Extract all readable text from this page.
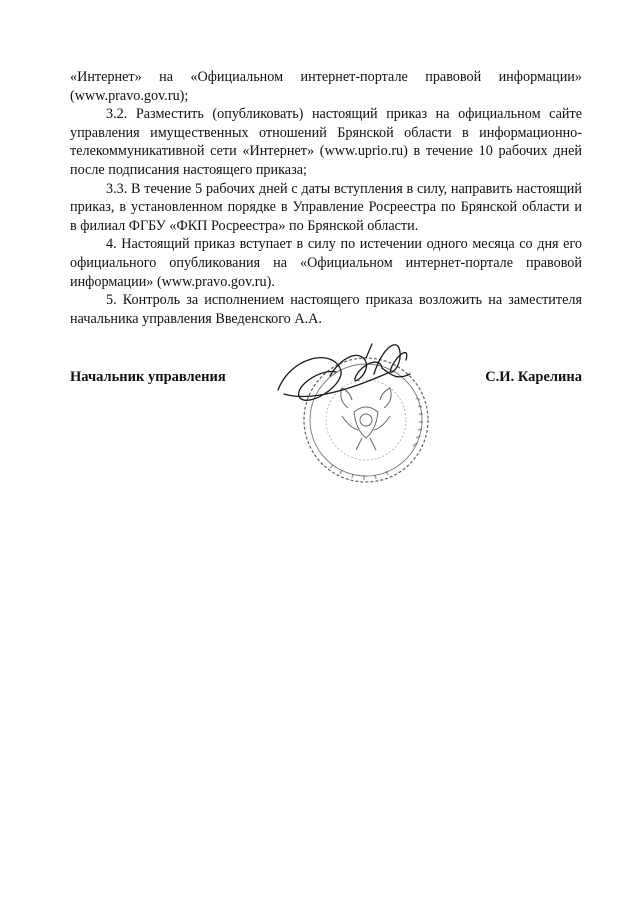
«Интернет» на «Официальном интернет-портале правовой информации»
(www.pravo.gov.ru);
3.2. Разместить (опубликовать) настоящий приказ на официальном сайте
управления имущественных отношений Брянской области в информационно-
телекоммуникативной сети «Интернет» (www.uprio.ru) в течение 10 рабочих дней
после подписания настоящего приказа;
3.3. В течение 5 рабочих дней с даты вступления в силу, направить настоящий
приказ, в установленном порядке в Управление Росреестра по Брянской области и
в филиал ФГБУ «ФКП Росреестра» по Брянской области.
4. Настоящий приказ вступает в силу по истечении одного месяца со дня его
официального опубликования на «Официальном интернет-портале правовой
информации» (www.pravo.gov.ru).
5. Контроль за исполнением настоящего приказа возложить на заместителя
начальника управления Введенского А.А.
Начальник управления	С.И. Карелина
